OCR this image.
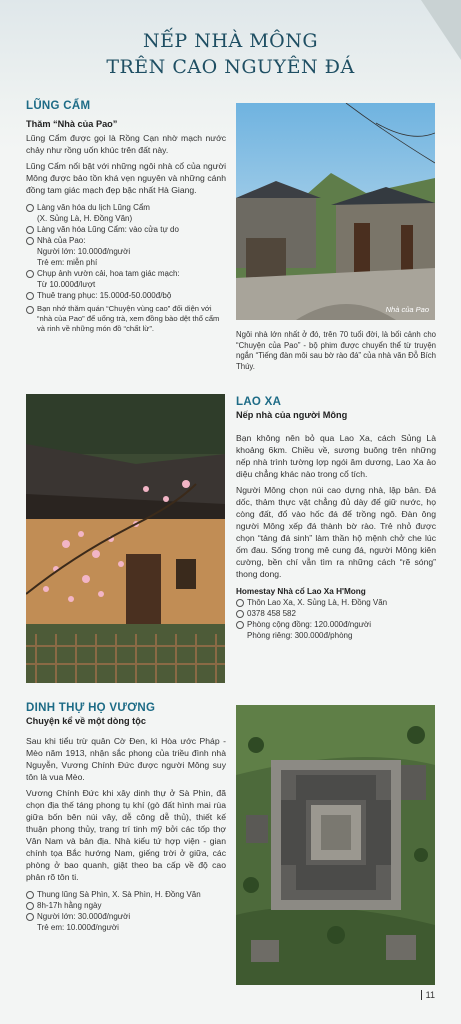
NẾP NHÀ MÔNG
TRÊN CAO NGUYÊN ĐÁ
LŨNG CẨM
Thăm “Nhà của Pao”

Lũng Cẩm được gọi là Rồng Cạn nhờ mạch nước chảy như rồng uốn khúc trên đất này.

Lũng Cẩm nổi bật với những ngôi nhà cổ của người Mông được bảo tồn khá vẹn nguyên và những cánh đồng tam giác mạch đẹp bậc nhất Hà Giang.

Làng văn hóa du lịch Lũng Cẩm
(X. Sủng Là, H. Đồng Văn)
Làng văn hóa Lũng Cẩm: vào cửa tự do
Nhà của Pao:
Người lớn: 10.000đ/người
Trẻ em: miễn phí
Chụp ảnh vườn cải, hoa tam giác mạch:
Từ 10.000đ/lượt
Thuê trang phục: 15.000đ-50.000đ/bộ
Bạn nhớ thăm quán “Chuyện vùng cao” đối diện với “nhà của Pao” để uống trà, xem đồng bào dệt thổ cẩm và rinh về những món đồ “chất lừ”.
Nhà của Pao

Ngôi nhà lớn nhất ở đó, trên 70 tuổi đời, là bối cảnh cho “Chuyện của Pao” - bộ phim được chuyển thể từ truyện ngắn “Tiếng đàn môi sau bờ rào đá” của nhà văn Đỗ Bích Thúy.

LAO XA
Nếp nhà của người Mông

Bạn không nên bỏ qua Lao Xa, cách Sủng Là khoảng 6km. Chiều về, sương buông trên những nếp nhà trình tường lợp ngói âm dương, Lao Xa ảo diệu chẳng khác nào trong cổ tích.

Người Mông chọn núi cao dựng nhà, lập bản. Đá dốc, thảm thực vật chẳng đủ dày để giữ nước, họ còng đất, đổ vào hốc đá để trồng ngô. Đàn ông người Mông xếp đá thành bờ rào. Trẻ nhỏ được chọn “tảng đá sinh” làm thần hộ mệnh chở che lúc ốm đau. Sống trong mê cung đá, người Mông kiên cường, bền chí vẫn tìm ra những cách “rẽ sóng” thong dong.

Homestay Nhà cổ Lao Xa H'Mong
Thôn Lao Xa, X. Sủng Là, H. Đồng Văn
0378 458 582
Phòng cộng đồng: 120.000đ/người
Phòng riêng: 300.000đ/phòng
DINH THỰ HỌ VƯƠNG
Chuyện kể về một dòng tộc

Sau khi tiểu trừ quân Cờ Đen, kì Hòa ước Pháp - Mèo năm 1913, nhận sắc phong của triều đình nhà Nguyễn, Vương Chính Đức được người Mông suy tôn là vua Mèo.

Vương Chính Đức khi xây dinh thự ở Sà Phìn, đã chọn địa thế táng phong tụ khí (gò đất hình mai rùa giữa bốn bên núi vây, dễ công dễ thủ), thiết kế thuận phong thủy, trang trí tinh mỹ bởi các tốp thợ Vân Nam và bản địa. Nhà kiểu tứ hợp viện - gian chính tọa Bắc hướng Nam, giếng trời ở giữa, các phòng ở bao quanh, giật theo ba cấp về độ cao phản rõ tôn ti.

Thung lũng Sà Phìn, X. Sà Phìn, H. Đồng Văn
8h-17h hằng ngày
Người lớn: 30.000đ/người
Trẻ em: 10.000đ/người
11
